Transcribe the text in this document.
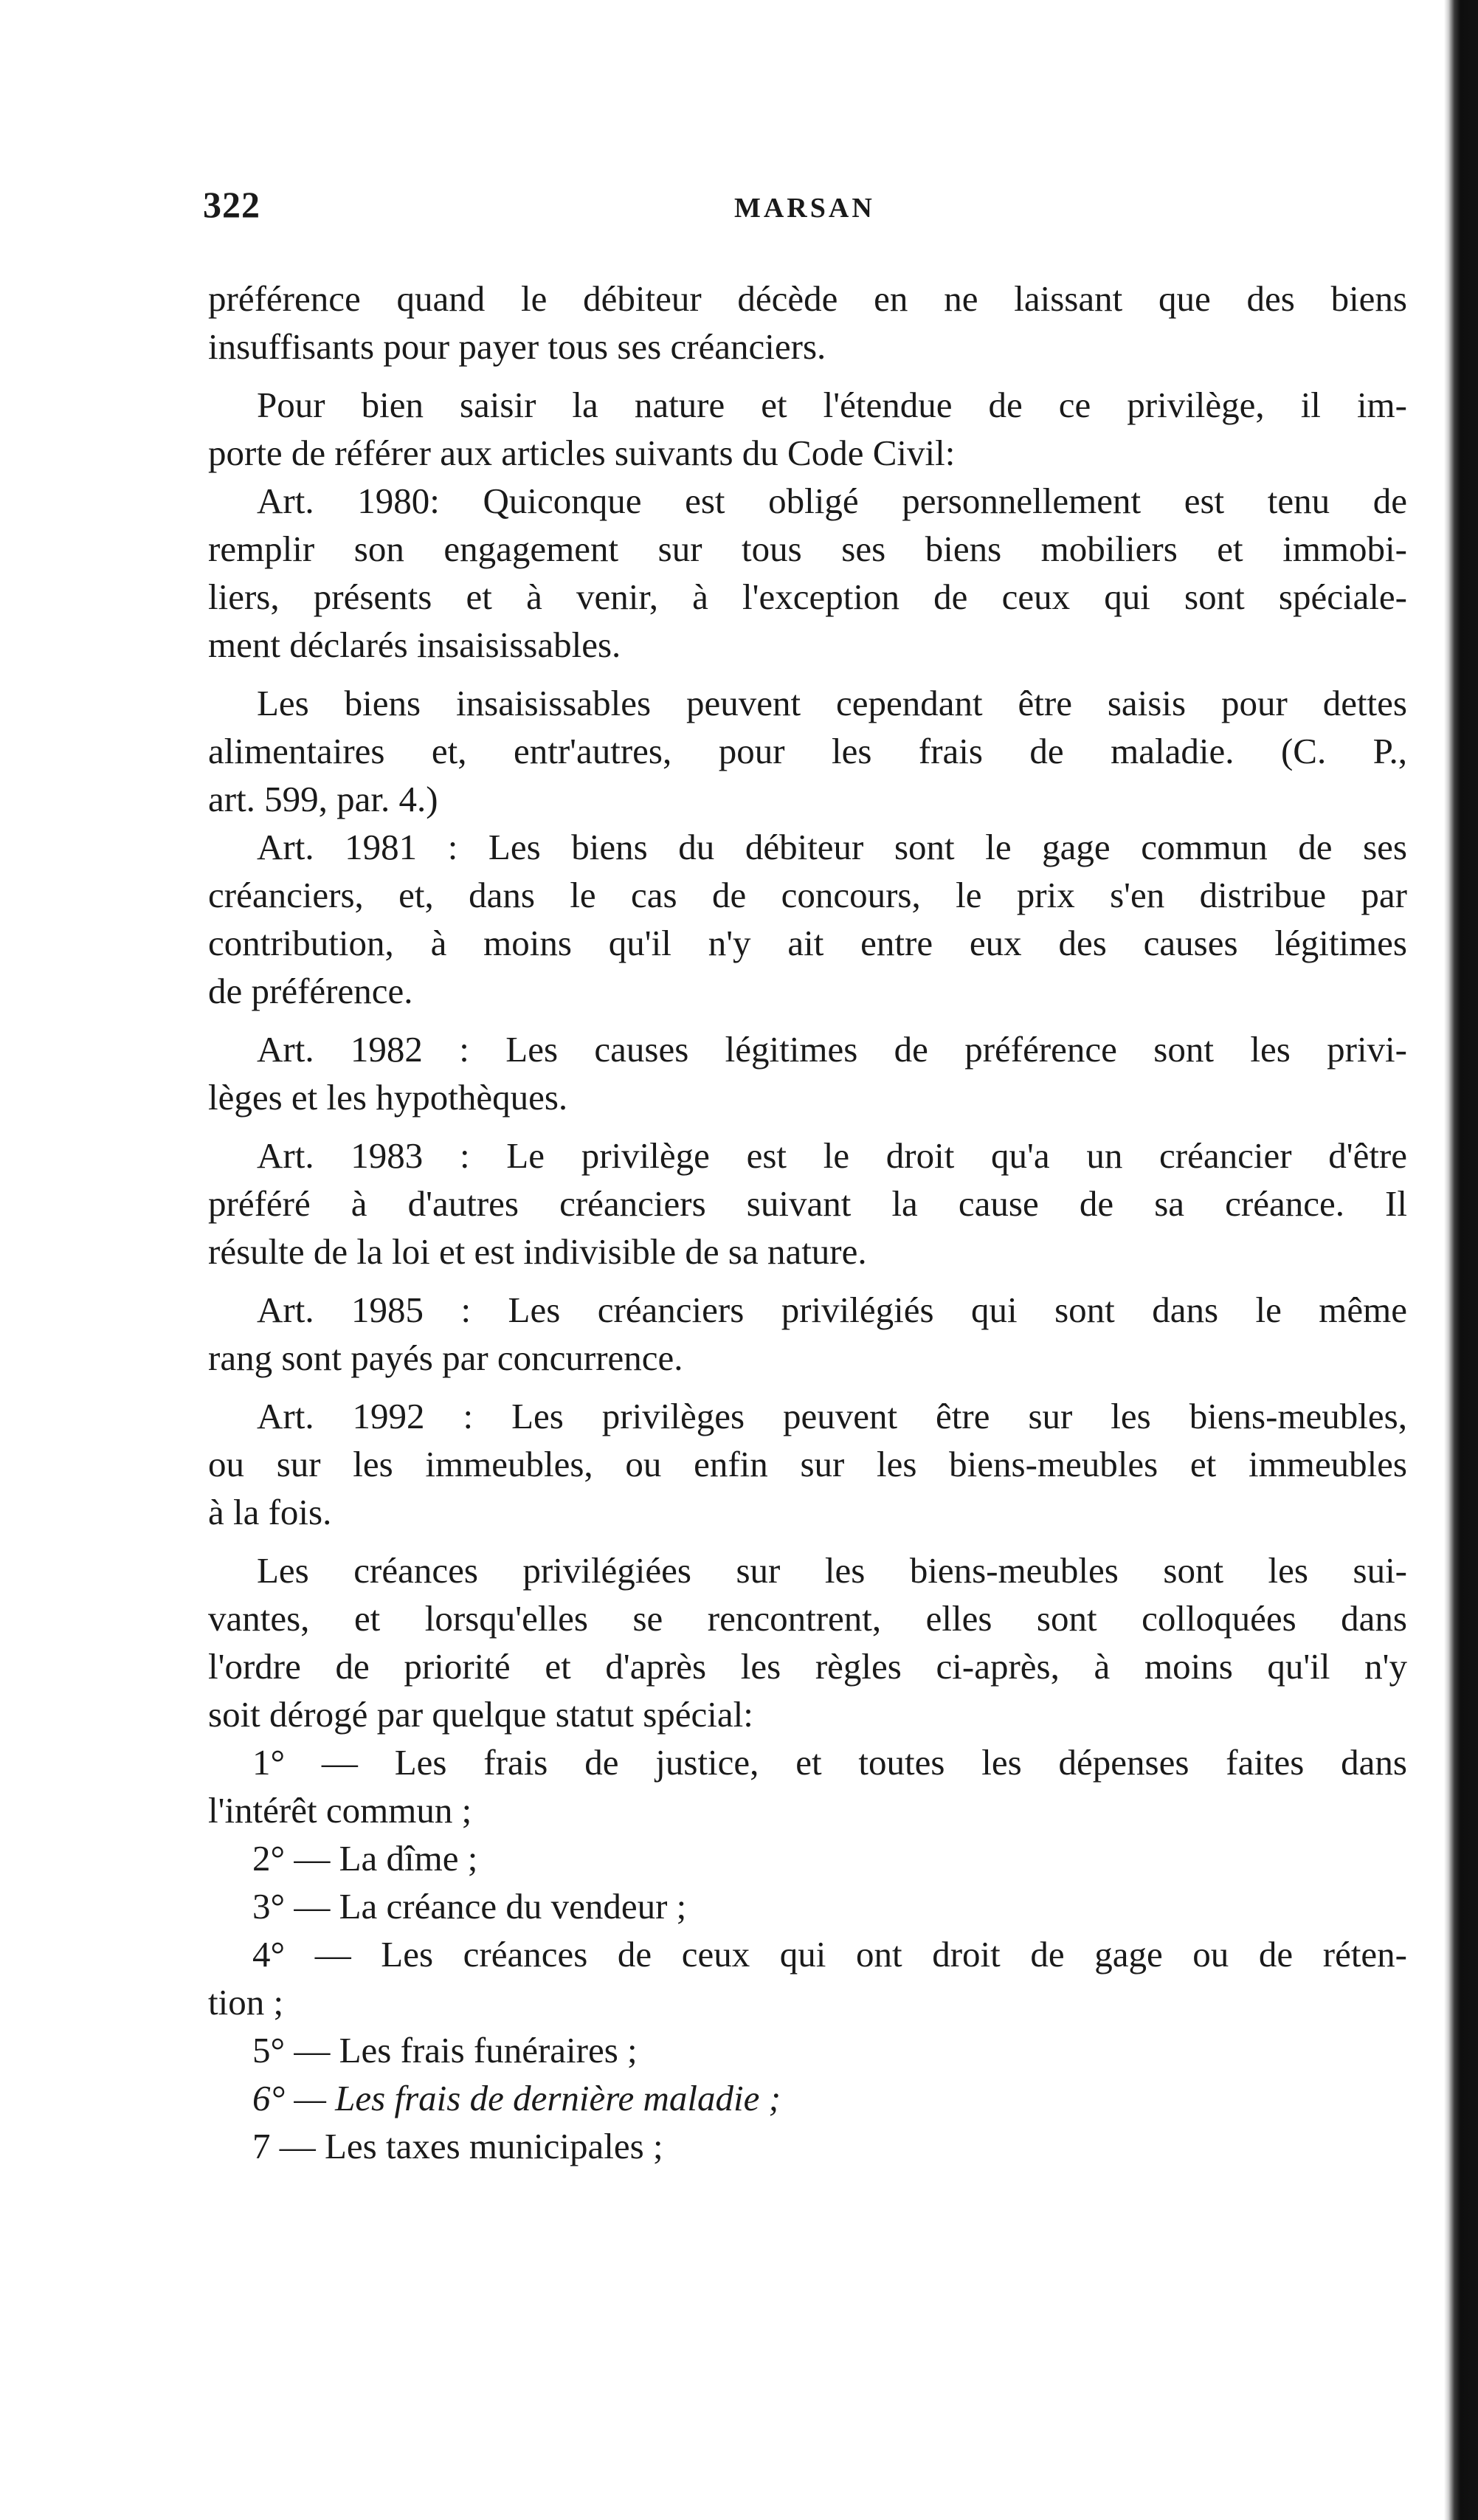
322	MARSAN
préférence quand le débiteur décède en ne laissant que des biens
insuffisants pour payer tous ses créanciers.
Pour bien saisir la nature et l'étendue de ce privilège, il im-
porte de référer aux articles suivants du Code Civil:
Art. 1980: Quiconque est obligé personnellement est tenu de
remplir son engagement sur tous ses biens mobiliers et immobi-
liers, présents et à venir, à l'exception de ceux qui sont spéciale-
ment déclarés insaisissables.
Les biens insaisissables peuvent cependant être saisis pour dettes
alimentaires et, entr'autres, pour les frais de maladie. (C. P.,
art. 599, par. 4.)
Art. 1981 : Les biens du débiteur sont le gage commun de ses
créanciers, et, dans le cas de concours, le prix s'en distribue par
contribution, à moins qu'il n'y ait entre eux des causes légitimes
de préférence.
Art. 1982 : Les causes légitimes de préférence sont les privi-
lèges et les hypothèques.
Art. 1983 : Le privilège est le droit qu'a un créancier d'être
préféré à d'autres créanciers suivant la cause de sa créance. Il
résulte de la loi et est indivisible de sa nature.
Art. 1985 : Les créanciers privilégiés qui sont dans le même
rang sont payés par concurrence.
Art. 1992 : Les privilèges peuvent être sur les biens-meubles,
ou sur les immeubles, ou enfin sur les biens-meubles et immeubles
à la fois.
Les créances privilégiées sur les biens-meubles sont les sui-
vantes, et lorsqu'elles se rencontrent, elles sont colloquées dans
l'ordre de priorité et d'après les règles ci-après, à moins qu'il n'y
soit dérogé par quelque statut spécial:
1° — Les frais de justice, et toutes les dépenses faites dans
l'intérêt commun ;
2° — La dîme ;
3° — La créance du vendeur ;
4° — Les créances de ceux qui ont droit de gage ou de réten-
tion ;
5° — Les frais funéraires ;
6° — Les frais de dernière maladie ;
7 — Les taxes municipales ;
